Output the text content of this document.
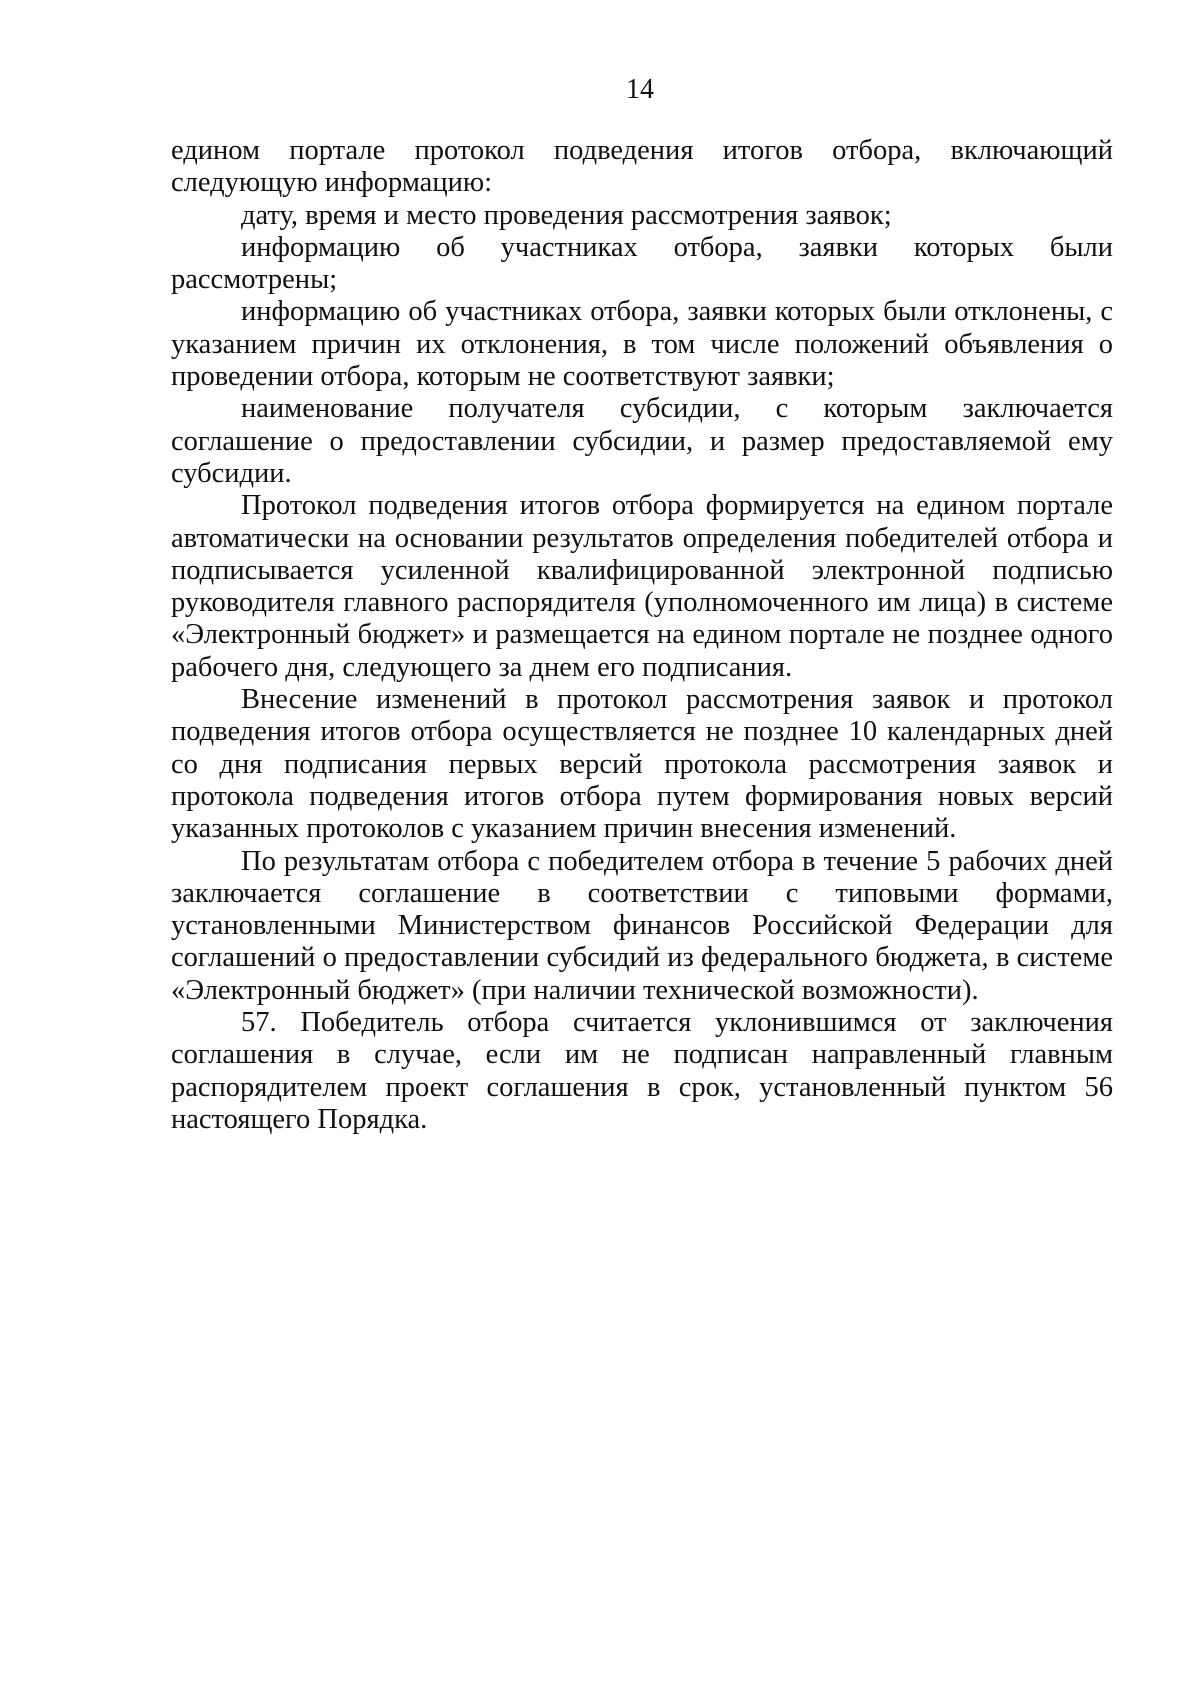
14

едином портале протокол подведения итогов отбора, включающий следующую информацию:

дату, время и место проведения рассмотрения заявок;

информацию об участниках отбора, заявки которых были рассмотрены;

информацию об участниках отбора, заявки которых были отклонены, с указанием причин их отклонения, в том числе положений объявления о проведении отбора, которым не соответствуют заявки;

наименование получателя субсидии, с которым заключается соглашение о предоставлении субсидии, и размер предоставляемой ему субсидии.

Протокол подведения итогов отбора формируется на едином портале автоматически на основании результатов определения победителей отбора и подписывается усиленной квалифицированной электронной подписью руководителя главного распорядителя (уполномоченного им лица) в системе «Электронный бюджет» и размещается на едином портале не позднее одного рабочего дня, следующего за днем его подписания.

Внесение изменений в протокол рассмотрения заявок и протокол подведения итогов отбора осуществляется не позднее 10 календарных дней со дня подписания первых версий протокола рассмотрения заявок и протокола подведения итогов отбора путем формирования новых версий указанных протоколов с указанием причин внесения изменений.

По результатам отбора с победителем отбора в течение 5 рабочих дней заключается соглашение в соответствии с типовыми формами, установленными Министерством финансов Российской Федерации для соглашений о предоставлении субсидий из федерального бюджета, в системе «Электронный бюджет» (при наличии технической возможности).

57. Победитель отбора считается уклонившимся от заключения соглашения в случае, если им не подписан направленный главным распорядителем проект соглашения в срок, установленный пунктом 56 настоящего Порядка.
